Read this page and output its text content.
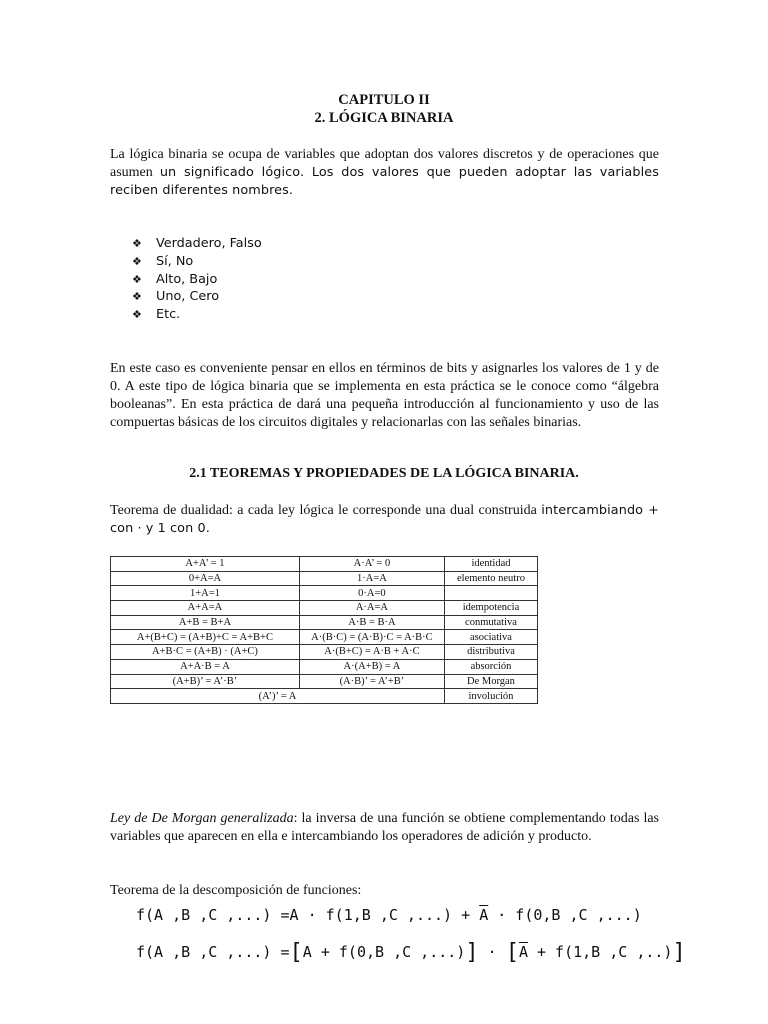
CAPITULO II
2. LÓGICA BINARIA
La lógica binaria se ocupa de variables que adoptan dos valores discretos y de operaciones que asumen un significado lógico. Los dos valores que pueden adoptar las variables reciben diferentes nombres.
❖ Verdadero, Falso
❖ Sí, No
❖ Alto, Bajo
❖ Uno, Cero
❖ Etc.
En este caso es conveniente pensar en ellos en términos de bits y asignarles los valores de 1 y de 0. A este tipo de lógica binaria que se implementa en esta práctica se le conoce como “álgebra booleanas”. En esta práctica de dará una pequeña introducción al funcionamiento y uso de las compuertas básicas de los circuitos digitales y relacionarlas con las señales binarias.
2.1 TEOREMAS Y PROPIEDADES DE LA LÓGICA BINARIA.
Teorema de dualidad: a cada ley lógica le corresponde una dual construida intercambiando + con · y 1 con 0.
A+A’ = 1	A·A’ = 0	identidad
0+A=A	1·A=A	elemento neutro
1+A=1	0·A=0	
A+A=A	A·A=A	idempotencia
A+B = B+A	A·B = B·A	conmutativa
A+(B+C) = (A+B)+C = A+B+C	A·(B·C) = (A·B)·C = A·B·C	asociativa
A+B·C = (A+B) · (A+C)	A·(B+C) = A·B + A·C	distributiva
A+A·B = A	A·(A+B) = A	absorción
(A+B)’ = A’·B’	(A·B)’ = A’+B’	De Morgan
(A’)’ = A		involución
Ley de De Morgan generalizada: la inversa de una función se obtiene complementando todas las variables que aparecen en ella e intercambiando los operadores de adición y producto.
Teorema de la descomposición de funciones:
f(A ,B ,C ,...) =A · f(1,B ,C ,...) + $\overline{A} \cdot f(0,B$ ,C ,...)
f(A ,B ,C ,...) =[A + f(0,B ,C ,...)] · [$\overline{A} + f(1,B$ ,C ,..)]
